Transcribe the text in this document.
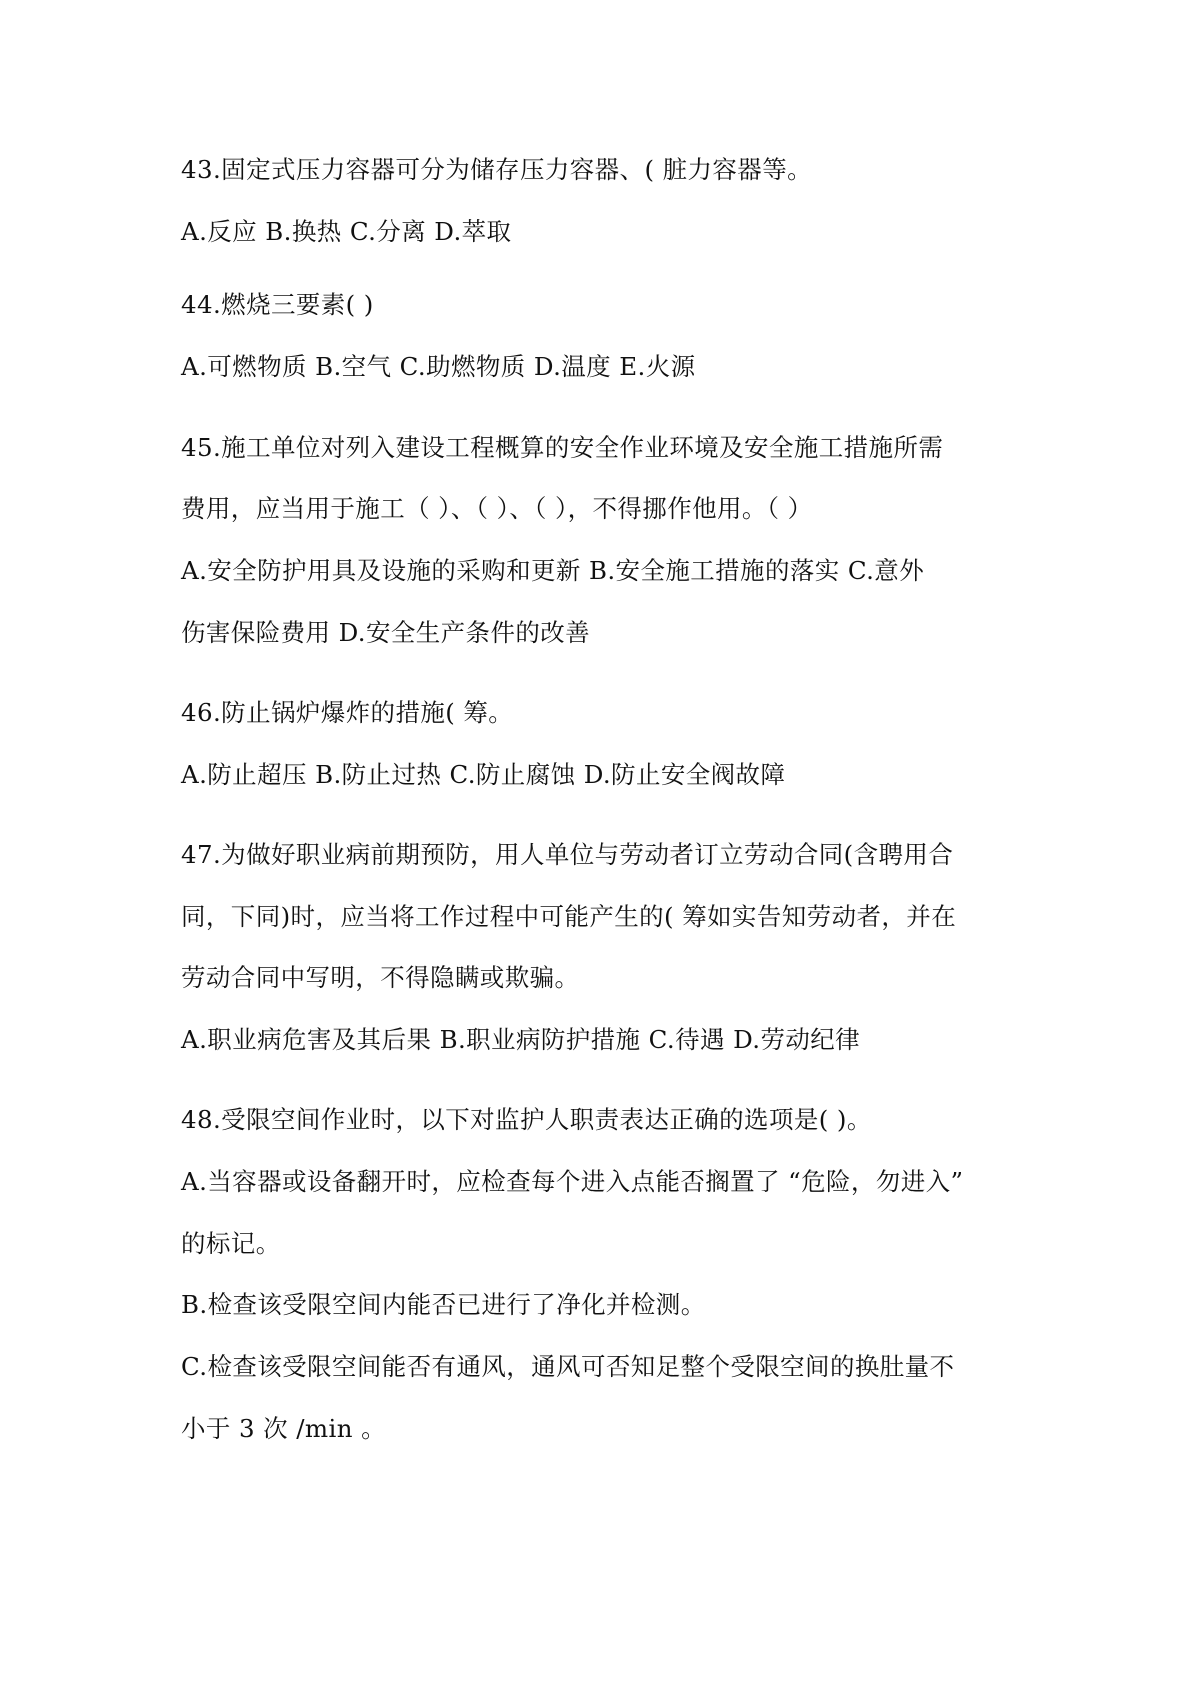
43.固定式压力容器可分为储存压力容器、( 脏力容器等。
A.反应 B.换热 C.分离 D.萃取
44.燃烧三要素( )
A.可燃物质 B.空气 C.助燃物质 D.温度 E.火源
45.施工单位对列入建设工程概算的安全作业环境及安全施工措施所需
费用，应当用于施工（ ）、（ ）、（ ），不得挪作他用。（ ）
A.安全防护用具及设施的采购和更新 B.安全施工措施的落实 C.意外
伤害保险费用 D.安全生产条件的改善
46.防止锅炉爆炸的措施( 筹。
A.防止超压 B.防止过热 C.防止腐蚀 D.防止安全阀故障
47.为做好职业病前期预防，用人单位与劳动者订立劳动合同(含聘用合
同，下同)时，应当将工作过程中可能产生的( 筹如实告知劳动者，并在
劳动合同中写明，不得隐瞒或欺骗。
A.职业病危害及其后果 B.职业病防护措施 C.待遇 D.劳动纪律
48.受限空间作业时，以下对监护人职责表达正确的选项是( )。
A.当容器或设备翻开时，应检查每个进入点能否搁置了 “危险，勿进入”
的标记。
B.检查该受限空间内能否已进行了净化并检测。
C.检查该受限空间能否有通风，通风可否知足整个受限空间的换肚量不
小于 3 次 /min 。
